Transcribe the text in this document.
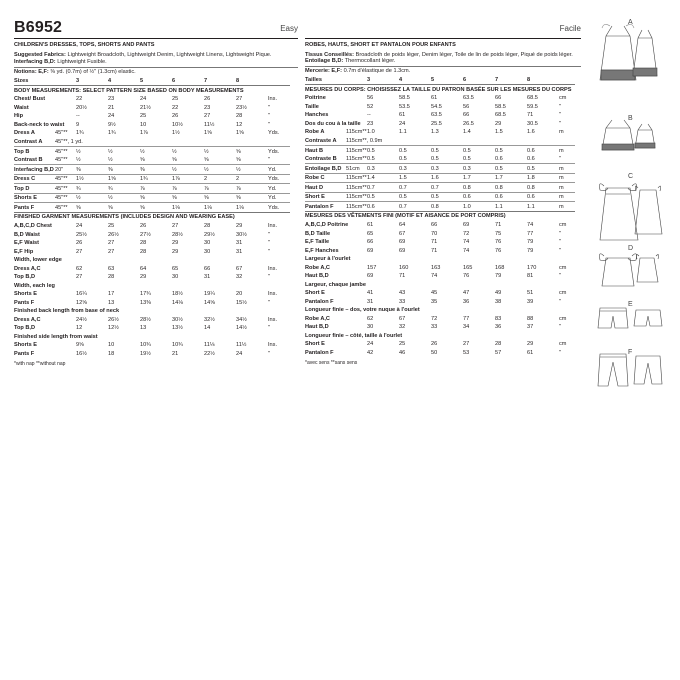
B6952	Easy
CHILDREN'S DRESSES, TOPS, SHORTS AND PANTS
Suggested Fabrics: Lightweight Broadcloth, Lightweight Denim, Lightweight Linens, Lightweight Pique.
Interfacing B,D: Lightweight Fusible.
Notions: E,F: ⅜ yd. (0.7m) of ½" (1.3cm) elastic.
Sizes	3	4	5	6	7	8
BODY MEASUREMENTS: SELECT PATTERN SIZE BASED ON BODY MEASUREMENTS
Chest/ Bust	22	23	24	25	26	27	Ins.
Waist	20½	21	21½	22	23	23½	"
Hip	--	24	25	26	27	28	"
Back-neck to waist 9	9½	10	10½	11½	12	"
Dress A	45"**	1¾	1¾	1⅞	1½	1⅝	1⅝	Yds.
Contrast A 45"**, 1 yd.
Top B	45"**	½	½	½	½	½	⅝	Yds.
Contrast B 45"**	½	½	⅝	⅝	⅝	⅝	"
Interfacing B,D 20"	⅜	⅜	⅜	½	½	½	Yd.
Dress C	45"**	1½	1⅝	1¾	1⅞	2	2	Yds.
Top D	45"**	¾	¾	⅞	⅞	⅞	⅞	Yd.
Shorts E	45"**	½	½	⅝	⅝	⅝	⅝	Yd.
Pants F	45"**	⅝	⅝	⅝	1⅛	1⅛	1⅛	Yds.
FINISHED GARMENT MEASUREMENTS (INCLUDES DESIGN AND WEARING EASE)
A,B,C,D Chest	24	25	26	27	28	29	Ins.
B,D Waist	25½	26½	27½	28½	29½	30½	"
E,F Waist	26	27	28	29	30	31	"
E,F Hip	27	27	28	29	30	31	"
Width, lower edge
Dress A,C	62	63	64	65	66	67	Ins.
Top B,D	27	28	29	30	31	32	"
Width, each leg
Shorts E	16¼	17	17¾	18½	19¼	20	Ins.
Pants F	12⅝	13	13⅜	14⅛	14⅝	15½	"
Finished back length from base of neck
Dress A,C	24½	26½	28½	30½	32½	34½	Ins.
Top B,D	12	12½	13	13½	14	14½	"
Finished side length from waist
Shorts E	9⅝	10	10¾	10¾	11⅛	11½	Ins.
Pants F	16½	18	19½	21	22½	24	"
*with nap **without nap
Facile
ROBES, HAUTS, SHORT ET PANTALON POUR ENFANTS
Tissus Conseillés: Broadcloth de poids léger, Denim léger, Toile de lin de poids léger, Piqué de poids léger. Entoilage B,D: Thermocollant léger.
Mercerie: E,F: 0.7m d'élastique de 1.3cm.
Tailles	3	4	5	6	7	8
MESURES DU CORPS: CHOISISSEZ LA TAILLE DU PATRON BASÉE SUR LES MESURES DU CORPS
Poitrine	56	58.5	61	63.5	66	68.5	cm
Taille	52	53.5	54.5	56	58.5	59.5	"
Hanches	--	61	63.5	66	68.5	71	"
Dos du cou à la taille 23	24	25.5	26.5	29	30.5	"
Robe A	115cm** 1.0	1.1	1.3	1.4	1.5	1.6	m
Contraste A 115cm**, 0.9m
Haut B	115cm** 0.5	0.5	0.5	0.5	0.5	0.6	m
Contraste B 115cm** 0.5	0.5	0.5	0.5	0.6	0.6	"
Entoilage B,D 51cm	0.3	0.3	0.3	0.3	0.5	0.5	m
Robe C	115cm** 1.4	1.5	1.6	1.7	1.7	1.8	m
Haut D	115cm** 0.7	0.7	0.7	0.8	0.8	0.8	m
Short E	115cm** 0.5	0.5	0.5	0.6	0.6	0.6	m
Pantalon F 115cm** 0.6	0.7	0.8	1.0	1.1	1.1	m
MESURES DES VÊTEMENTS FINI (MOTIF ET AISANCE DE PORT COMPRIS)
A,B,C,D Poitrine	61	64	66	69	71	74	cm
B,D Taille	65	67	70	72	75	77	"
E,F Taille	66	69	71	74	76	79	"
E,F Hanches	69	69	71	74	76	79	"
Largeur à l'ourlet
Robe A,C	157	160	163	165	168	170	cm
Haut B,D	69	71	74	76	79	81	"
Largeur, chaque jambe
Short E	41	43	45	47	49	51	cm
Pantalon F	31	33	35	36	38	39	"
Longueur finie – dos, votre nuque à l'ourlet
Robe A,C	62	67	72	77	83	88	cm
Haut B,D	30	32	33	34	36	37	"
Longueur finie – côté, taille à l'ourlet
Short E	24	25	26	27	28	29	cm
Pantalon F	42	46	50	53	57	61	"
*avec sens **sans sens
A
B
C
D
E
F
